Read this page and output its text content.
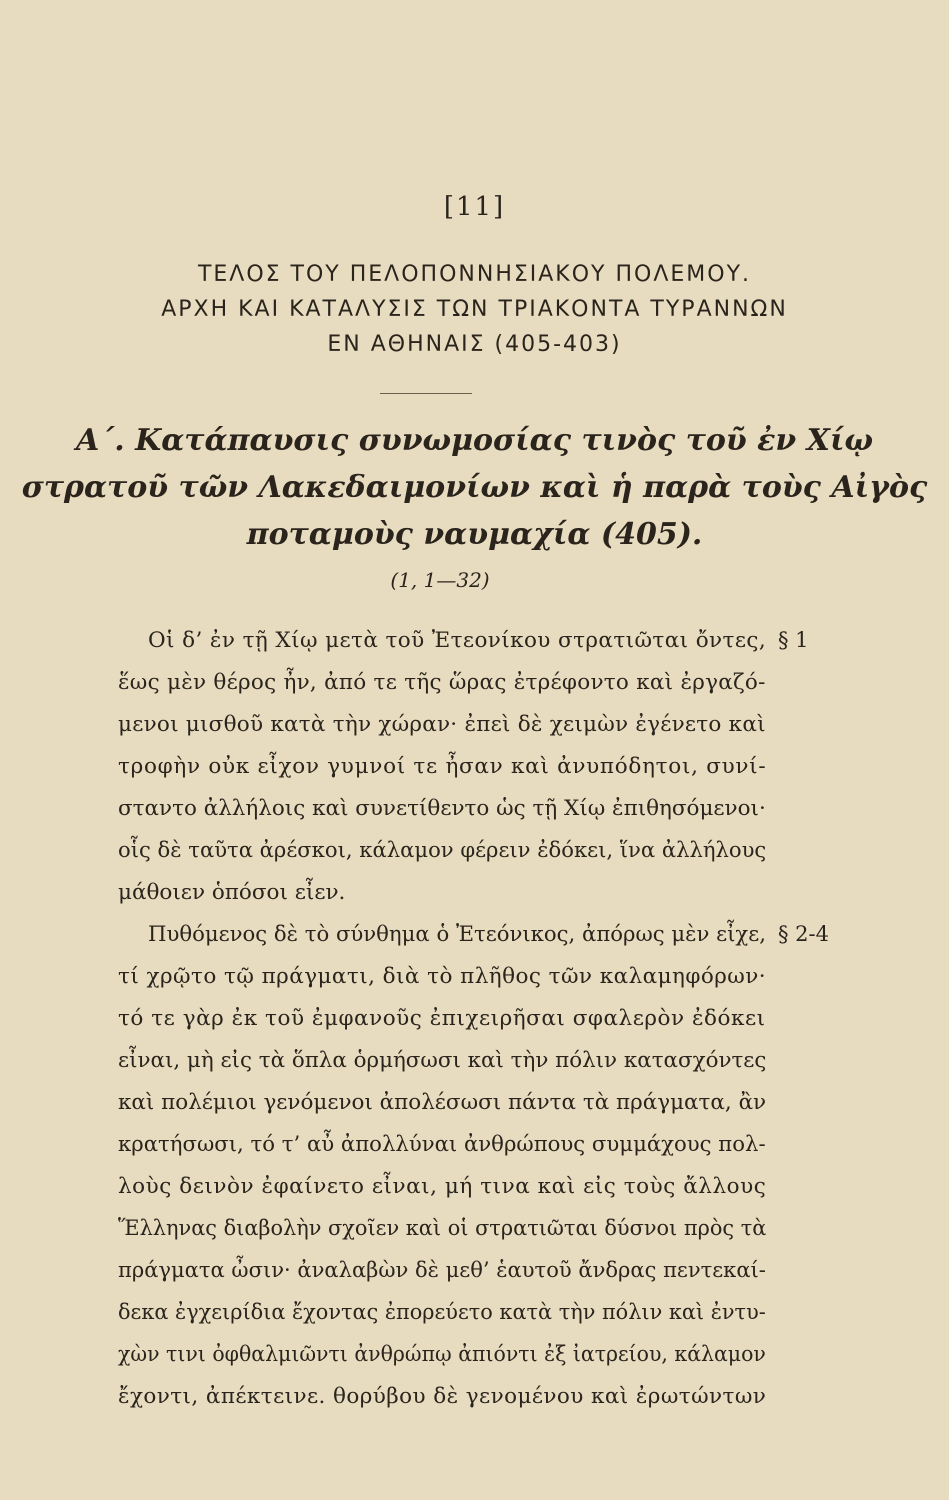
[11]
ΤΕΛΟΣ ΤΟΥ ΠΕΛΟΠΟΝΝΗΣΙΑΚΟΥ ΠΟΛΕΜΟΥ.
ΑΡΧΗ ΚΑΙ ΚΑΤΑΛΥΣΙΣ ΤΩΝ ΤΡΙΑΚΟΝΤΑ ΤΥΡΑΝΝΩΝ
ΕΝ ΑΘΗΝΑΙΣ (405-403)
Α΄. Κατάπαυσις συνωμοσίας τινὸς τοῦ ἐν Χίῳ
στρατοῦ τῶν Λακεδαιμονίων καὶ ἡ παρὰ τοὺς Αἰγὸς
ποταμοὺς ναυμαχία (405).
(1, 1—32)
Οἱ δ’ ἐν τῇ Χίῳ μετὰ τοῦ Ἐτεονίκου στρατιῶται ὄντες,
ἕως μὲν θέρος ἦν, ἀπό τε τῆς ὥρας ἐτρέφοντο καὶ ἐργαζό-
μενοι μισθοῦ κατὰ τὴν χώραν· ἐπεὶ δὲ χειμὼν ἐγένετο καὶ
τροφὴν οὐκ εἶχον γυμνοί τε ἦσαν καὶ ἀνυπόδητοι, συνί-
σταντο ἀλλήλοις καὶ συνετίθεντο ὡς τῇ Χίῳ ἐπιθησόμενοι·
οἷς δὲ ταῦτα ἀρέσκοι, κάλαμον φέρειν ἐδόκει, ἵνα ἀλλήλους
μάθοιεν ὁπόσοι εἶεν.
Πυθόμενος δὲ τὸ σύνθημα ὁ Ἐτεόνικος, ἀπόρως μὲν εἶχε,
τί χρῷτο τῷ πράγματι, διὰ τὸ πλῆθος τῶν καλαμηφόρων·
τό τε γὰρ ἐκ τοῦ ἐμφανοῦς ἐπιχειρῆσαι σφαλερὸν ἐδόκει
εἶναι, μὴ εἰς τὰ ὅπλα ὁρμήσωσι καὶ τὴν πόλιν κατασχόντες
καὶ πολέμιοι γενόμενοι ἀπολέσωσι πάντα τὰ πράγματα, ἂν
κρατήσωσι, τό τ’ αὖ ἀπολλύναι ἀνθρώπους συμμάχους πολ-
λοὺς δεινὸν ἐφαίνετο εἶναι, μή τινα καὶ εἰς τοὺς ἄλλους
Ἕλληνας διαβολὴν σχοῖεν καὶ οἱ στρατιῶται δύσνοι πρὸς τὰ
πράγματα ὦσιν· ἀναλαβὼν δὲ μεθ’ ἑαυτοῦ ἄνδρας πεντεκαί-
δεκα ἐγχειρίδια ἔχοντας ἐπορεύετο κατὰ τὴν πόλιν καὶ ἐντυ-
χὼν τινι ὀφθαλμιῶντι ἀνθρώπῳ ἀπιόντι ἐξ ἰατρείου, κάλαμον
ἔχοντι, ἀπέκτεινε. θορύβου δὲ γενομένου καὶ ἐρωτώντων
§ 1
§ 2-4
